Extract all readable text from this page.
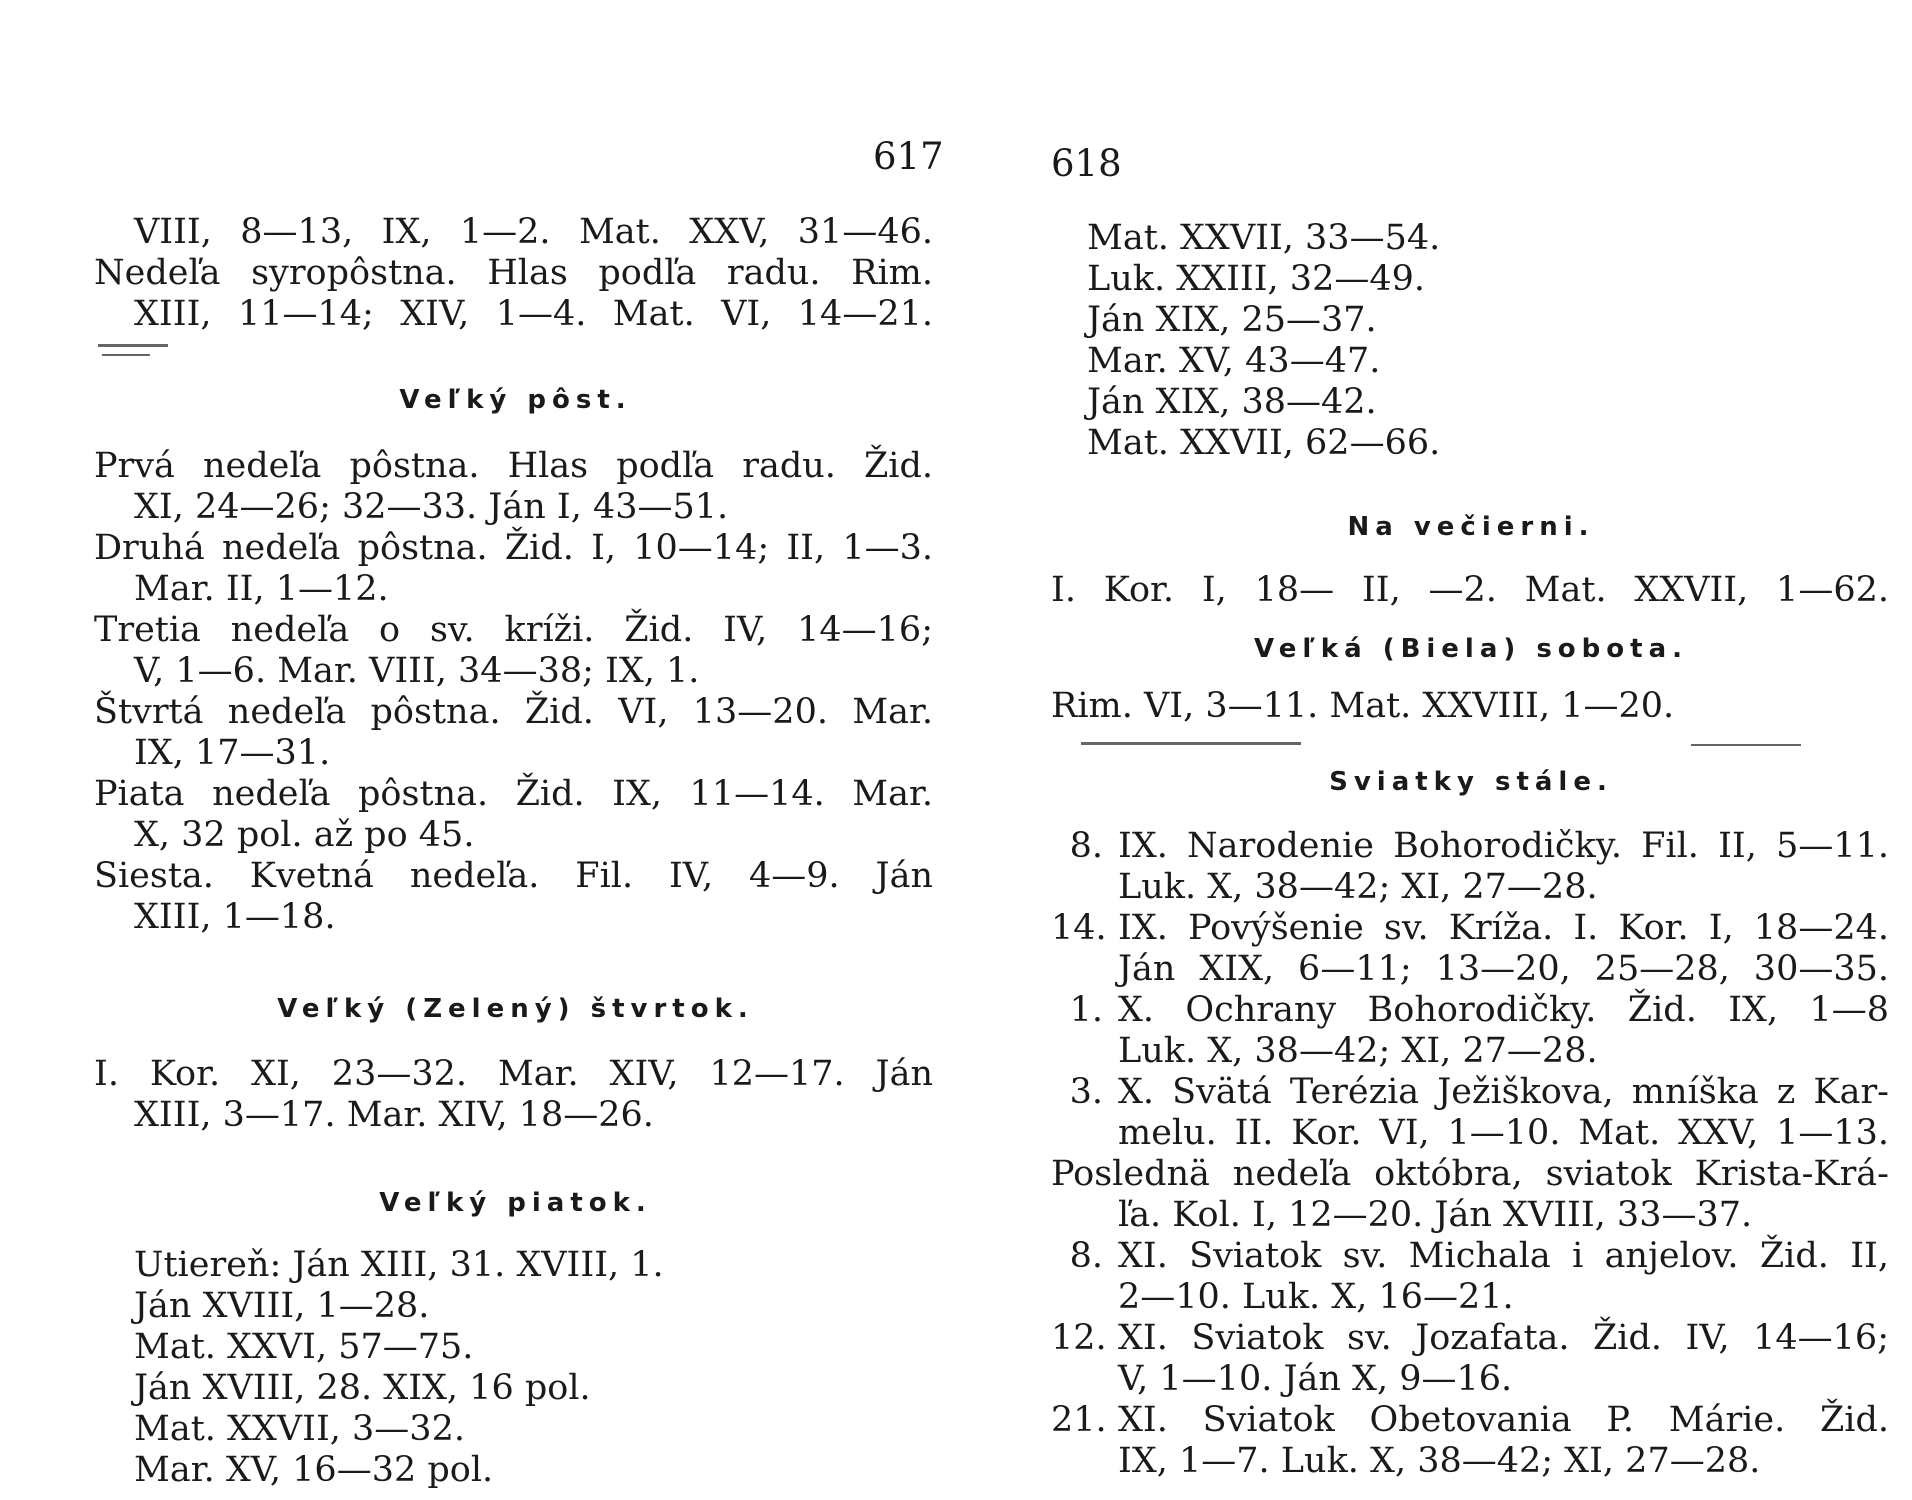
617
VIII, 8—13, IX, 1—2. Mat. XXV, 31—46.
Nedeľa syropôstna. Hlas podľa radu. Rim.
XIII, 11—14; XIV, 1—4. Mat. VI, 14—21.
Veľký pôst.
Prvá nedeľa pôstna. Hlas podľa radu. Žid.
XI, 24—26; 32—33. Ján I, 43—51.
Druhá nedeľa pôstna. Žid. I, 10—14; II, 1—3.
Mar. II, 1—12.
Tretia nedeľa o sv. kríži. Žid. IV, 14—16;
V, 1—6. Mar. VIII, 34—38; IX, 1.
Štvrtá nedeľa pôstna. Žid. VI, 13—20. Mar.
IX, 17—31.
Piata nedeľa pôstna. Žid. IX, 11—14. Mar.
X, 32 pol. až po 45.
Siesta. Kvetná nedeľa. Fil. IV, 4—9. Ján
XIII, 1—18.
Veľký (Zelený) štvrtok.
I. Kor. XI, 23—32. Mar. XIV, 12—17. Ján
XIII, 3—17. Mar. XIV, 18—26.
Veľký piatok.
Utiereň: Ján XIII, 31. XVIII, 1.
Ján XVIII, 1—28.
Mat. XXVI, 57—75.
Ján XVIII, 28. XIX, 16 pol.
Mat. XXVII, 3—32.
Mar. XV, 16—32 pol.
618
Mat. XXVII, 33—54.
Luk. XXIII, 32—49.
Ján XIX, 25—37.
Mar. XV, 43—47.
Ján XIX, 38—42.
Mat. XXVII, 62—66.
Na večierni.
I. Kor. I, 18— II, —2. Mat. XXVII, 1—62.
Veľká (Biela) sobota.
Rim. VI, 3—11. Mat. XXVIII, 1—20.
Sviatky stále.
8. IX. Narodenie Bohorodičky. Fil. II, 5—11.
Luk. X, 38—42; XI, 27—28.
14. IX. Povýšenie sv. Kríža. I. Kor. I, 18—24.
Ján XIX, 6—11; 13—20, 25—28, 30—35.
1. X. Ochrany Bohorodičky. Žid. IX, 1—8
Luk. X, 38—42; XI, 27—28.
3. X. Svätá Terézia Ježiškova, mníška z Kar-
melu. II. Kor. VI, 1—10. Mat. XXV, 1—13.
Poslednä nedeľa októbra, sviatok Krista-Krá-
ľa. Kol. I, 12—20. Ján XVIII, 33—37.
8. XI. Sviatok sv. Michala i anjelov. Žid. II,
2—10. Luk. X, 16—21.
12. XI. Sviatok sv. Jozafata. Žid. IV, 14—16;
V, 1—10. Ján X, 9—16.
21. XI. Sviatok Obetovania P. Márie. Žid.
IX, 1—7. Luk. X, 38—42; XI, 27—28.
